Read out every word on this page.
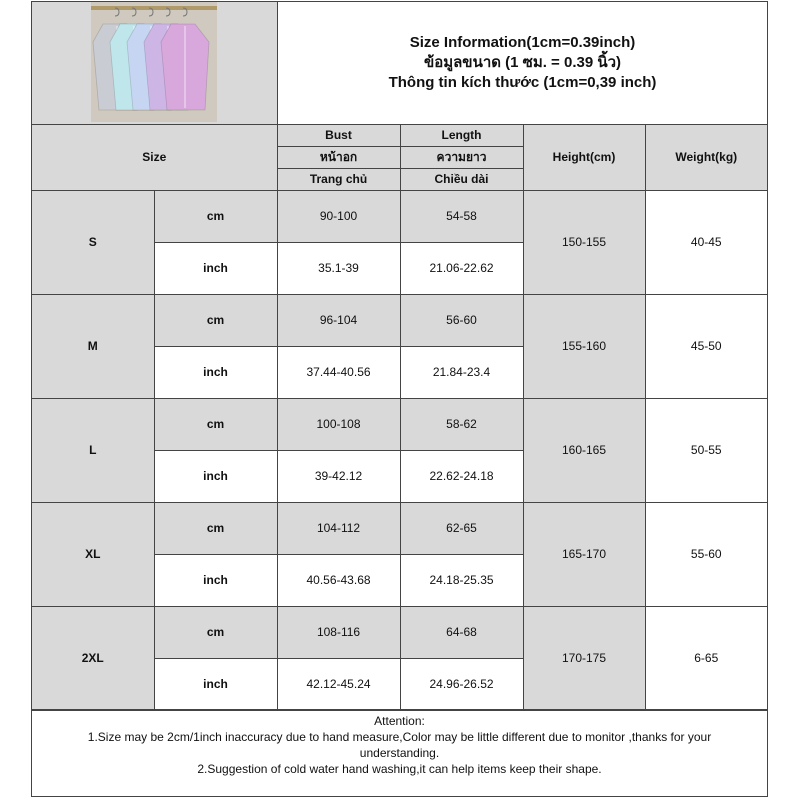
Size Information(1cm=0.39inch)
ข้อมูลขนาด (1 ซม. = 0.39 นิ้ว)
Thông tin kích thước (1cm=0,39 inch)
Size		Bust	Length	Height(cm)	Weight(kg)
		หน้าอก	ความยาว		
		Trang chủ	Chiều dài		
S	cm	90-100	54-58	150-155	40-45
	inch	35.1-39	21.06-22.62		
M	cm	96-104	56-60	155-160	45-50
	inch	37.44-40.56	21.84-23.4		
L	cm	100-108	58-62	160-165	50-55
	inch	39-42.12	22.62-24.18		
XL	cm	104-112	62-65	165-170	55-60
	inch	40.56-43.68	24.18-25.35		
2XL	cm	108-116	64-68	170-175	6-65
	inch	42.12-45.24	24.96-26.52		
Attention:
1.Size may be 2cm/1inch inaccuracy due to hand measure,Color may be little different due to monitor ,thanks for your understanding.
2.Suggestion of cold water hand washing,it can help items keep their shape.
